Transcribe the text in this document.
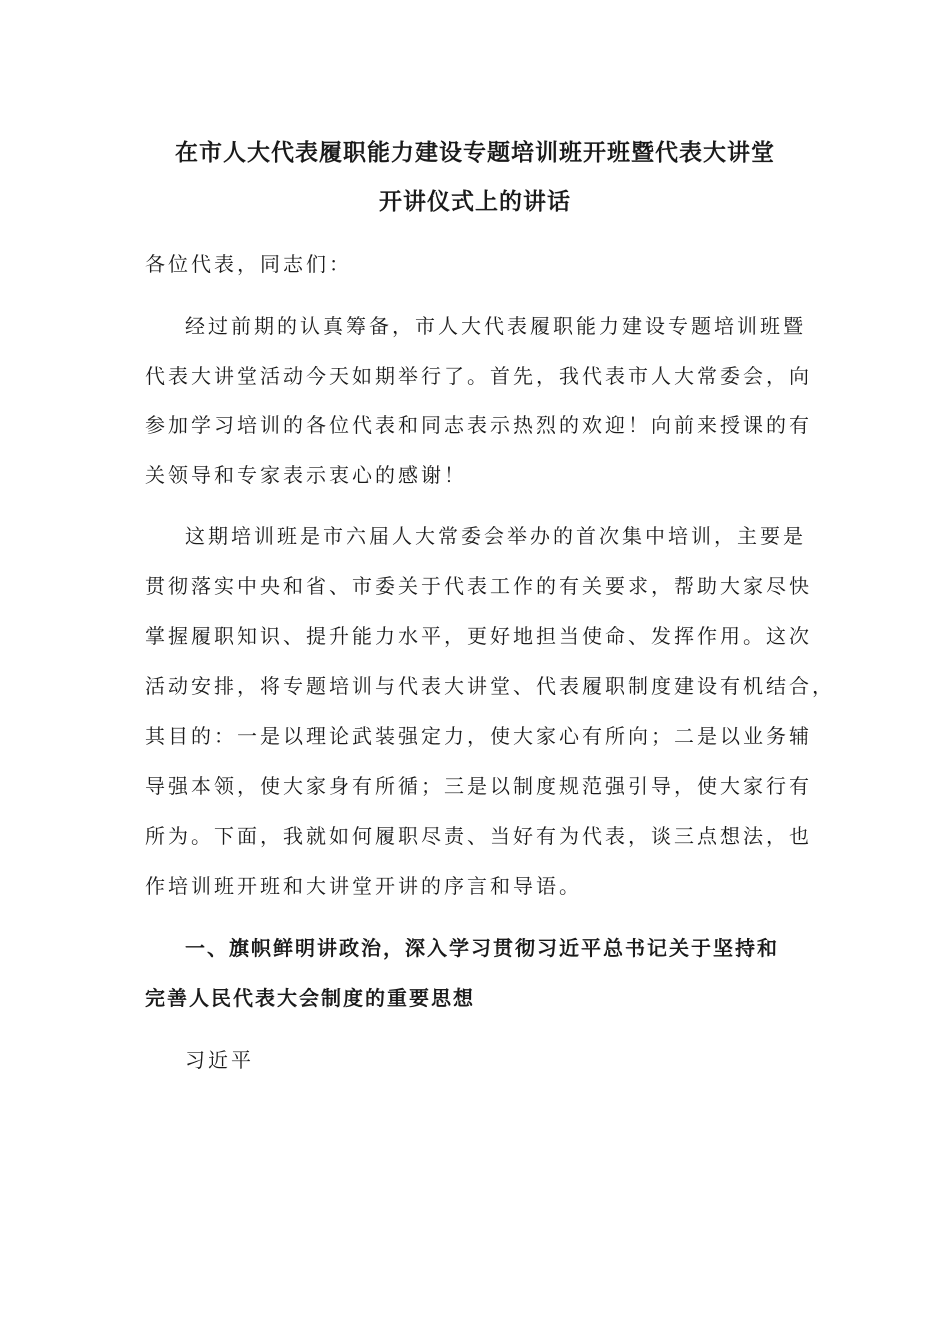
在市人大代表履职能力建设专题培训班开班暨代表大讲堂
开讲仪式上的讲话
各位代表，同志们：
经过前期的认真筹备，市人大代表履职能力建设专题培训班暨
代表大讲堂活动今天如期举行了。首先，我代表市人大常委会，向
参加学习培训的各位代表和同志表示热烈的欢迎！向前来授课的有
关领导和专家表示衷心的感谢！
这期培训班是市六届人大常委会举办的首次集中培训，主要是
贯彻落实中央和省、市委关于代表工作的有关要求，帮助大家尽快
掌握履职知识、提升能力水平，更好地担当使命、发挥作用。这次
活动安排，将专题培训与代表大讲堂、代表履职制度建设有机结合，
其目的：一是以理论武装强定力，使大家心有所向；二是以业务辅
导强本领，使大家身有所循；三是以制度规范强引导，使大家行有
所为。下面，我就如何履职尽责、当好有为代表，谈三点想法，也
作培训班开班和大讲堂开讲的序言和导语。
一、旗帜鲜明讲政治，深入学习贯彻习近平总书记关于坚持和
完善人民代表大会制度的重要思想
习近平
